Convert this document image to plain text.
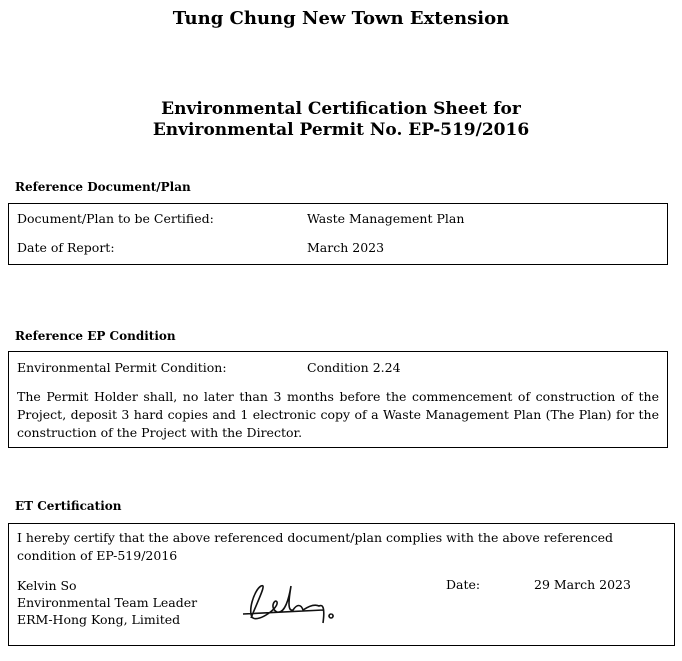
Tung Chung New Town Extension
Environmental Certification Sheet for
Environmental Permit No. EP-519/2016
Reference Document/Plan
Document/Plan to be Certified:	Waste Management Plan
Date of Report:	March 2023
Reference EP Condition
Environmental Permit Condition:	Condition 2.24
The Permit Holder shall, no later than 3 months before the commencement of construction of the Project, deposit 3 hard copies and 1 electronic copy of a Waste Management Plan (The Plan) for the construction of the Project with the Director.
ET Certification
I hereby certify that the above referenced document/plan complies with the above referenced condition of EP-519/2016
Kelvin So
Environmental Team Leader
ERM-Hong Kong, Limited
Date:	29 March 2023
